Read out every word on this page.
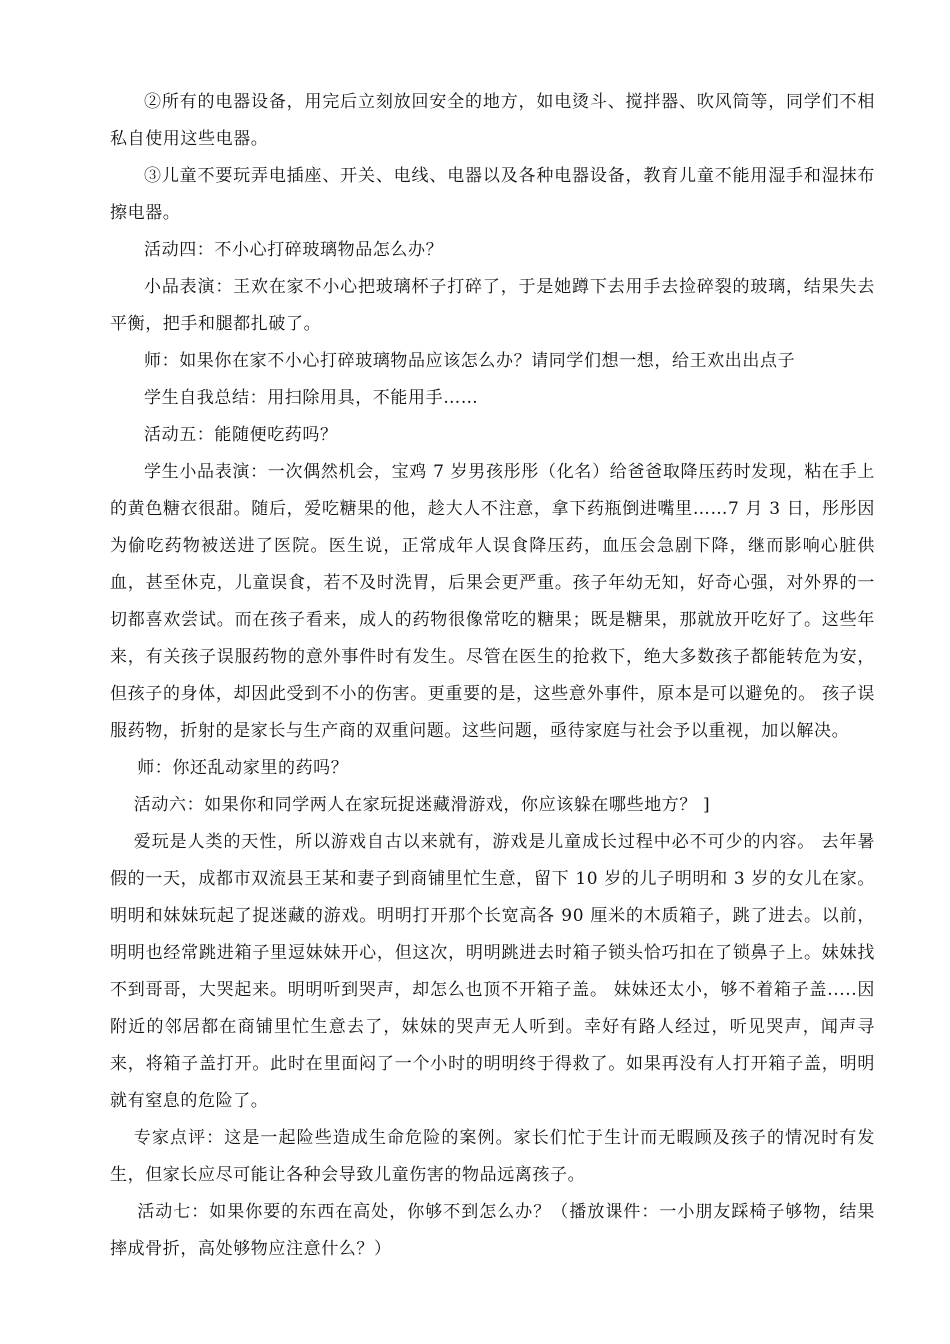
②所有的电器设备，用完后立刻放回安全的地方，如电烫斗、搅拌器、吹风筒等，同学们不相私自使用这些电器。

③儿童不要玩弄电插座、开关、电线、电器以及各种电器设备，教育儿童不能用湿手和湿抹布擦电器。

活动四：不小心打碎玻璃物品怎么办？

小品表演：王欢在家不小心把玻璃杯子打碎了，于是她蹲下去用手去捡碎裂的玻璃，结果失去平衡，把手和腿都扎破了。

师：如果你在家不小心打碎玻璃物品应该怎么办？请同学们想一想，给王欢出出点子

学生自我总结：用扫除用具，不能用手……

活动五：能随便吃药吗？

学生小品表演：一次偶然机会，宝鸡 7 岁男孩彤彤（化名）给爸爸取降压药时发现，粘在手上的黄色糖衣很甜。随后，爱吃糖果的他，趁大人不注意，拿下药瓶倒进嘴里……7 月 3 日，彤彤因为偷吃药物被送进了医院。医生说，正常成年人误食降压药，血压会急剧下降，继而影响心脏供血，甚至休克，儿童误食，若不及时洗胃，后果会更严重。孩子年幼无知，好奇心强，对外界的一切都喜欢尝试。而在孩子看来，成人的药物很像常吃的糖果；既是糖果，那就放开吃好了。这些年来，有关孩子误服药物的意外事件时有发生。尽管在医生的抢救下，绝大多数孩子都能转危为安，但孩子的身体，却因此受到不小的伤害。更重要的是，这些意外事件，原本是可以避免的。 孩子误服药物，折射的是家长与生产商的双重问题。这些问题，亟待家庭与社会予以重视，加以解决。

师：你还乱动家里的药吗？

活动六：如果你和同学两人在家玩捉迷藏滑游戏，你应该躲在哪些地方？ ]

爱玩是人类的天性，所以游戏自古以来就有，游戏是儿童成长过程中必不可少的内容。 去年暑假的一天，成都市双流县王某和妻子到商铺里忙生意，留下 10 岁的儿子明明和 3 岁的女儿在家。明明和妹妹玩起了捉迷藏的游戏。明明打开那个长宽高各 90 厘米的木质箱子，跳了进去。以前，明明也经常跳进箱子里逗妹妹开心，但这次，明明跳进去时箱子锁头恰巧扣在了锁鼻子上。妹妹找不到哥哥，大哭起来。明明听到哭声，却怎么也顶不开箱子盖。 妹妹还太小，够不着箱子盖.....因附近的邻居都在商铺里忙生意去了，妹妹的哭声无人听到。幸好有路人经过，听见哭声，闻声寻来，将箱子盖打开。此时在里面闷了一个小时的明明终于得救了。如果再没有人打开箱子盖，明明就有窒息的危险了。

专家点评：这是一起险些造成生命危险的案例。家长们忙于生计而无暇顾及孩子的情况时有发生，但家长应尽可能让各种会导致儿童伤害的物品远离孩子。

活动七：如果你要的东西在高处，你够不到怎么办？（播放课件：一小朋友踩椅子够物，结果摔成骨折，高处够物应注意什么？）
